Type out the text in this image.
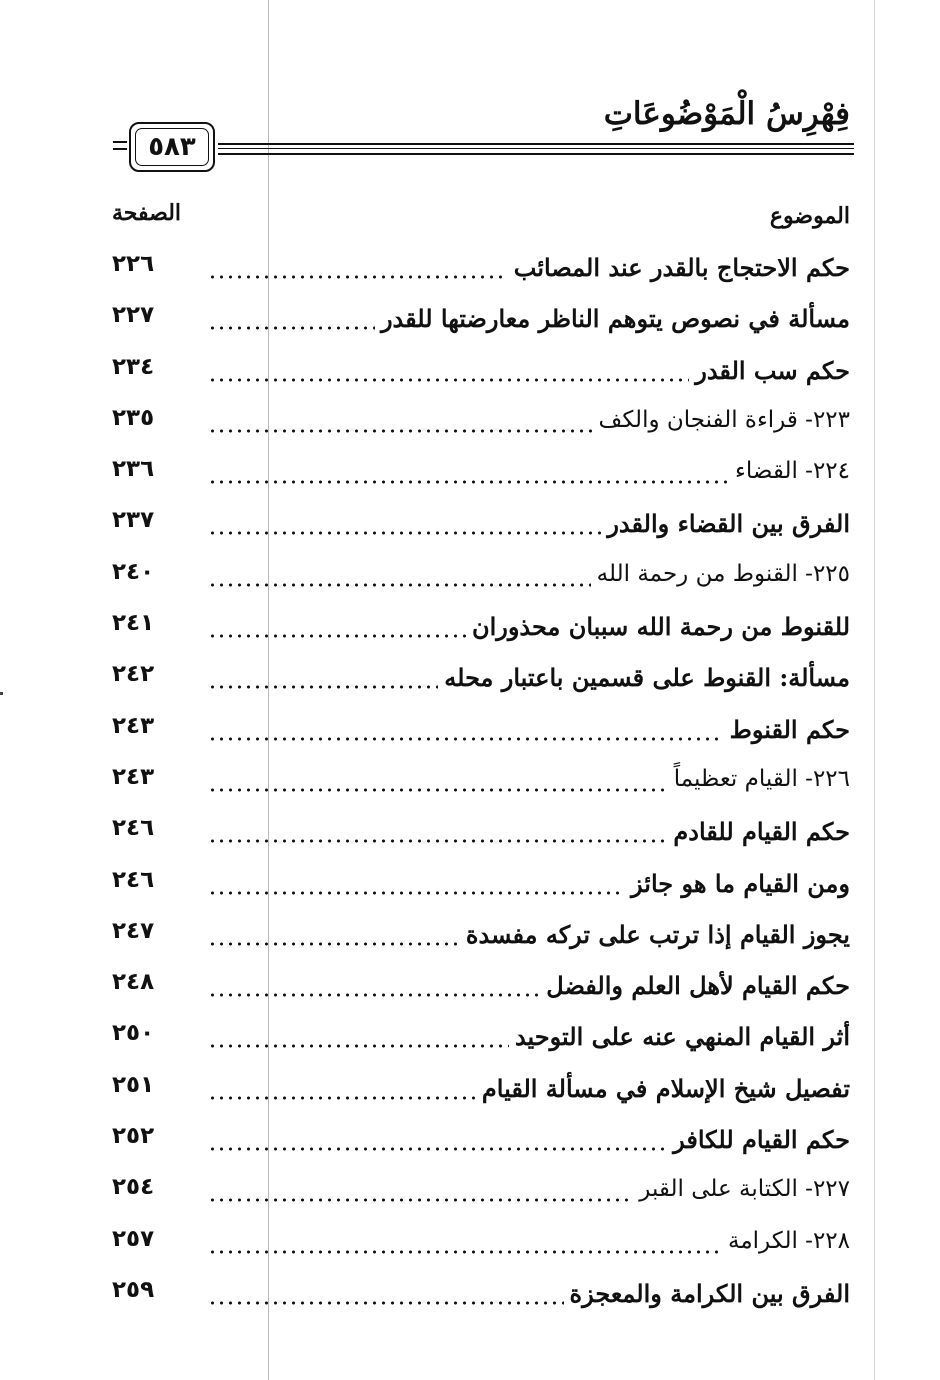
فِهْرِسُ الْمَوْضُوعَاتِ
٥٨٣
الموضوع
الصفحة
حكم الاحتجاج بالقدر عند المصائب
٢٢٦
مسألة في نصوص يتوهم الناظر معارضتها للقدر
٢٢٧
حكم سب القدر
٢٣٤
٢٢٣- قراءة الفنجان والكف
٢٣٥
٢٢٤- القضاء
٢٣٦
الفرق بين القضاء والقدر
٢٣٧
٢٢٥- القنوط من رحمة الله
٢٤٠
للقنوط من رحمة الله سببان محذوران
٢٤١
مسألة: القنوط على قسمين باعتبار محله
٢٤٢
حكم القنوط
٢٤٣
٢٢٦- القيام تعظيماً
٢٤٣
حكم القيام للقادم
٢٤٦
ومن القيام ما هو جائز
٢٤٦
يجوز القيام إذا ترتب على تركه مفسدة
٢٤٧
حكم القيام لأهل العلم والفضل
٢٤٨
أثر القيام المنهي عنه على التوحيد
٢٥٠
تفصيل شيخ الإسلام في مسألة القيام
٢٥١
حكم القيام للكافر
٢٥٢
٢٢٧- الكتابة على القبر
٢٥٤
٢٢٨- الكرامة
٢٥٧
الفرق بين الكرامة والمعجزة
٢٥٩
